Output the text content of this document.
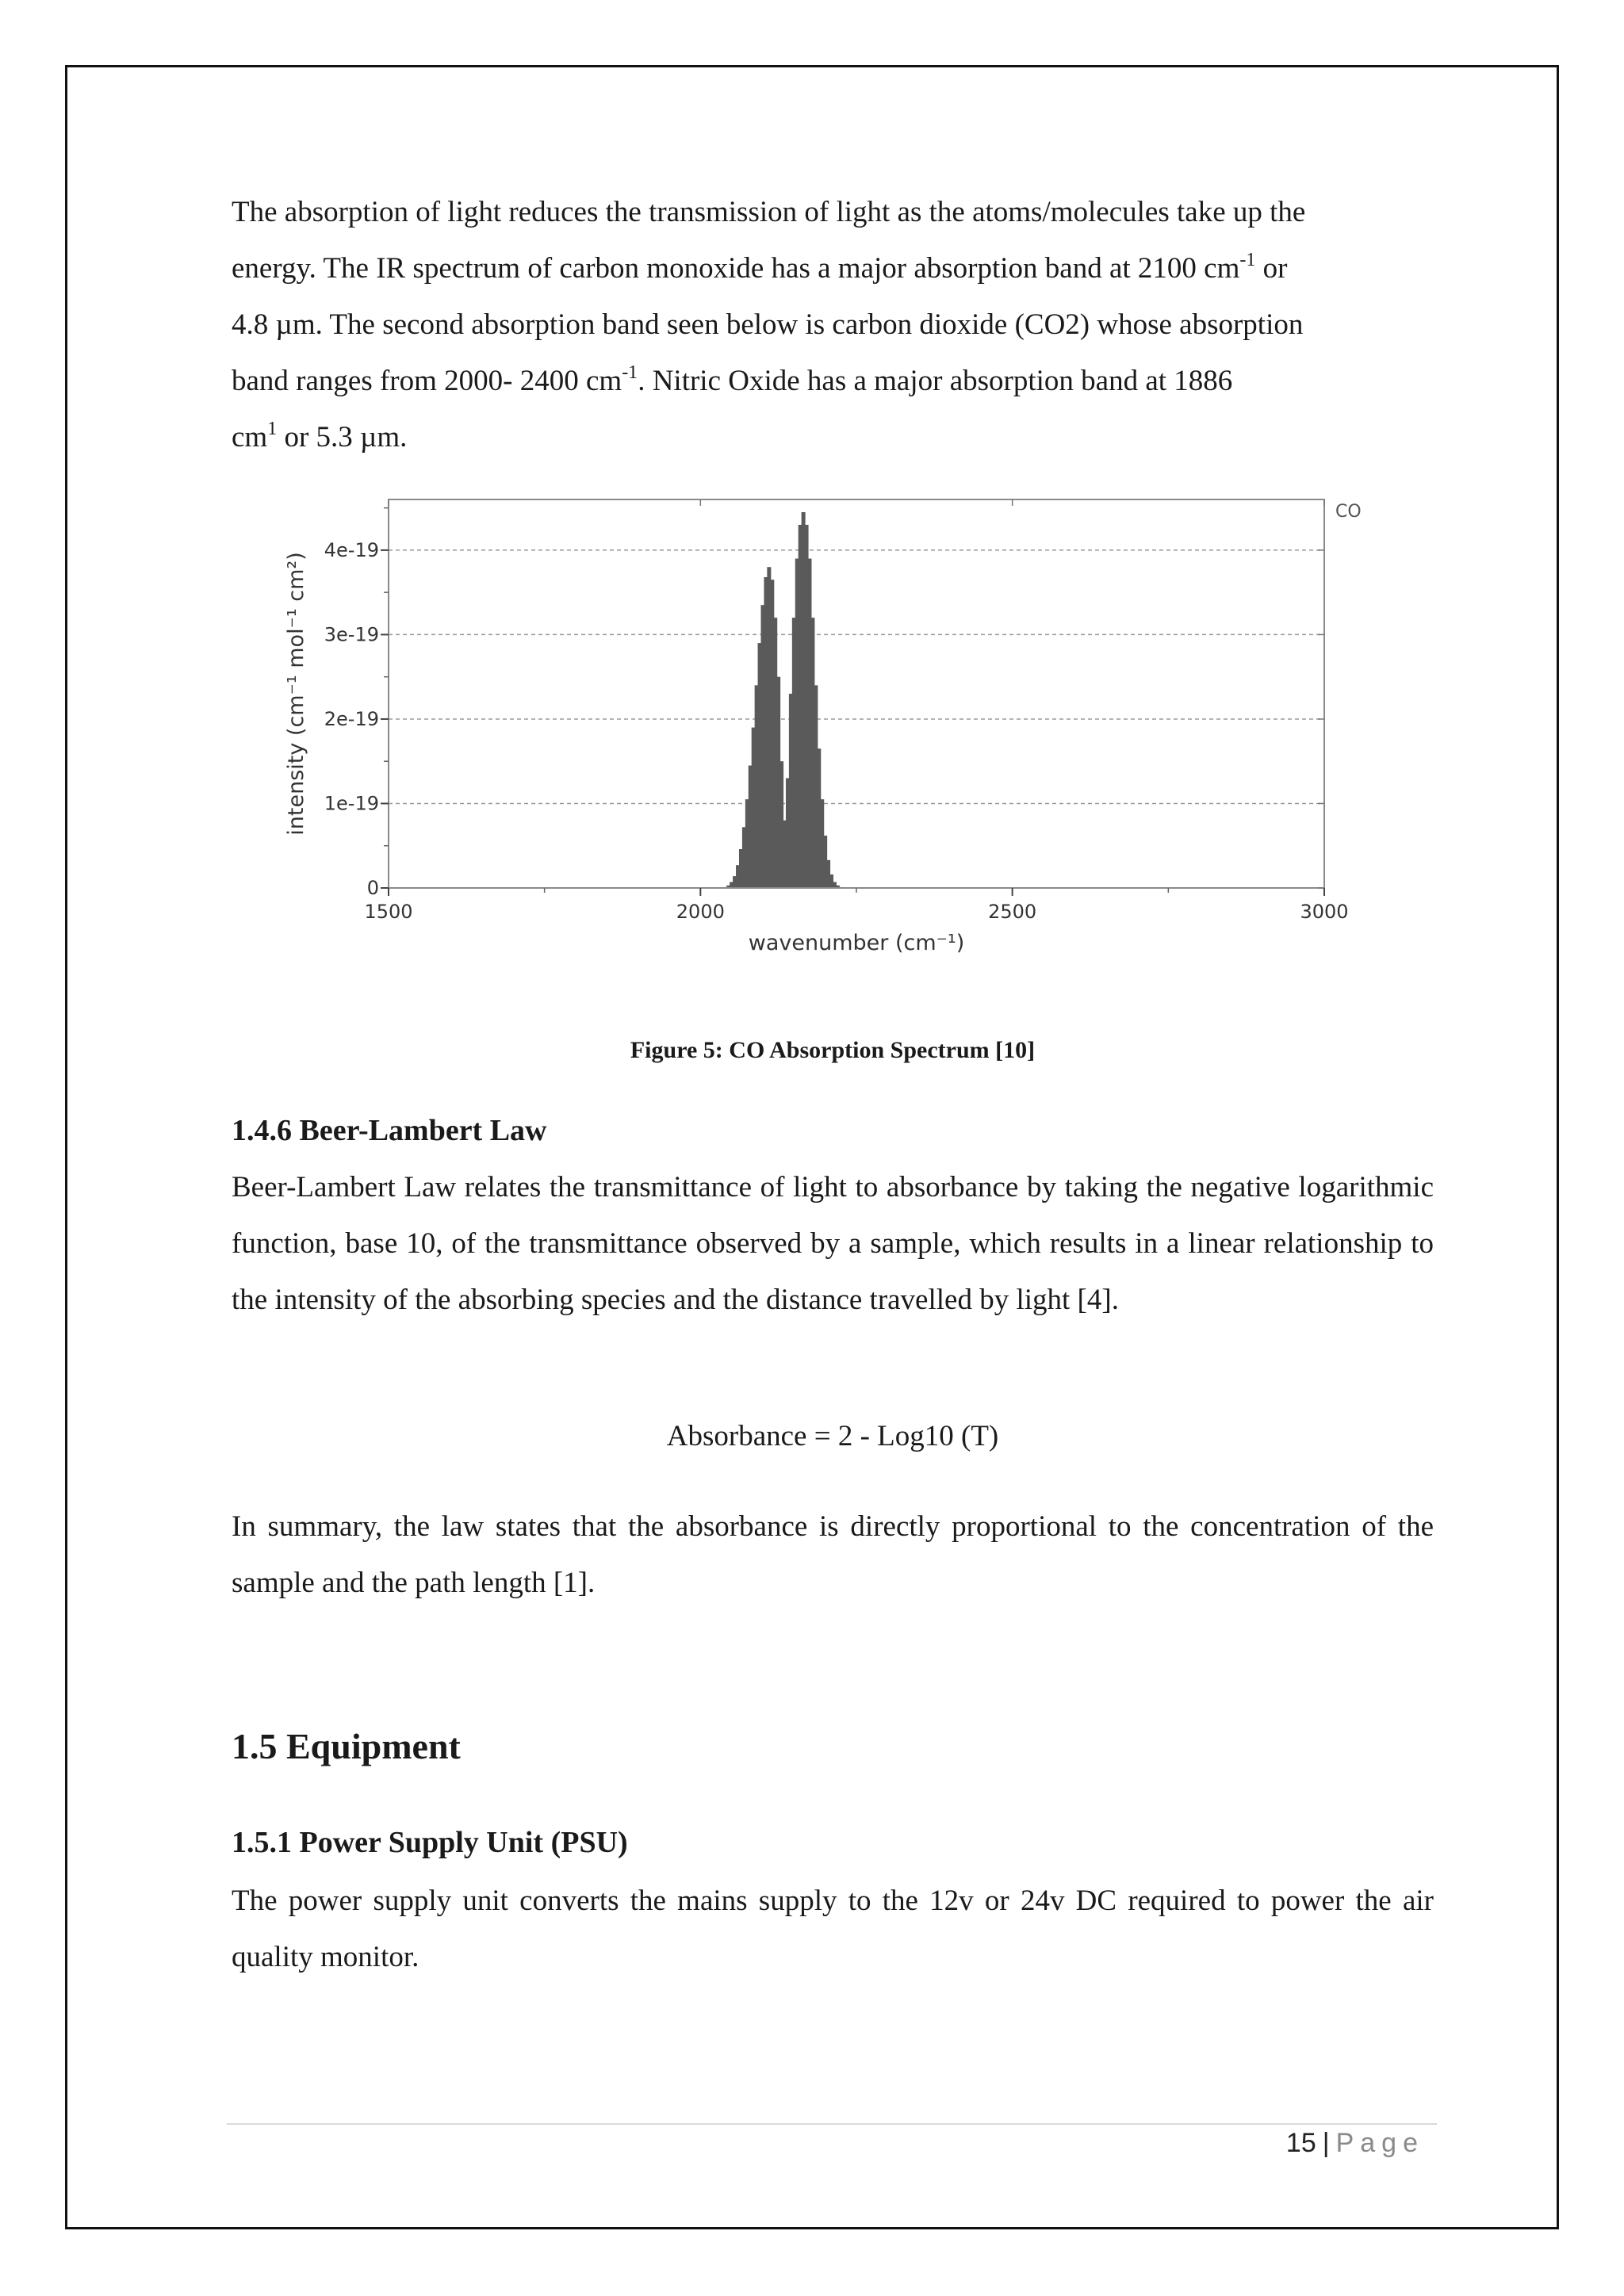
The absorption of light reduces the transmission of light as the atoms/molecules take up the
energy. The IR spectrum of carbon monoxide has a major absorption band at 2100 $cm^{-1}$ or
4.8 µm. The second absorption band seen below is carbon dioxide (CO2) whose absorption
band ranges from 2000- 2400 $cm^{-1}$. Nitric Oxide has a major absorption band at 1886
$cm^1$ or 5.3 µm.

0
1e-19
2e-19
3e-19
4e-19
1500	2000	2500	3000
wavenumber (cm⁻¹)
intensity (cm⁻¹ mol⁻¹ cm²)
CO
Figure 5: CO Absorption Spectrum [10]
1.4.6 Beer-Lambert Law

Beer-Lambert Law relates the transmittance of light to absorbance by taking the negative logarithmic function, base 10, of the transmittance observed by a sample, which results in a linear relationship to the intensity of the absorbing species and the distance travelled by light [4].

Absorbance = 2 - Log10 (T)

In summary, the law states that the absorbance is directly proportional to the concentration of the sample and the path length [1].

1.5 Equipment
1.5.1 Power Supply Unit (PSU)

The power supply unit converts the mains supply to the 12v or 24v DC required to power the air quality monitor.

15 | Page
